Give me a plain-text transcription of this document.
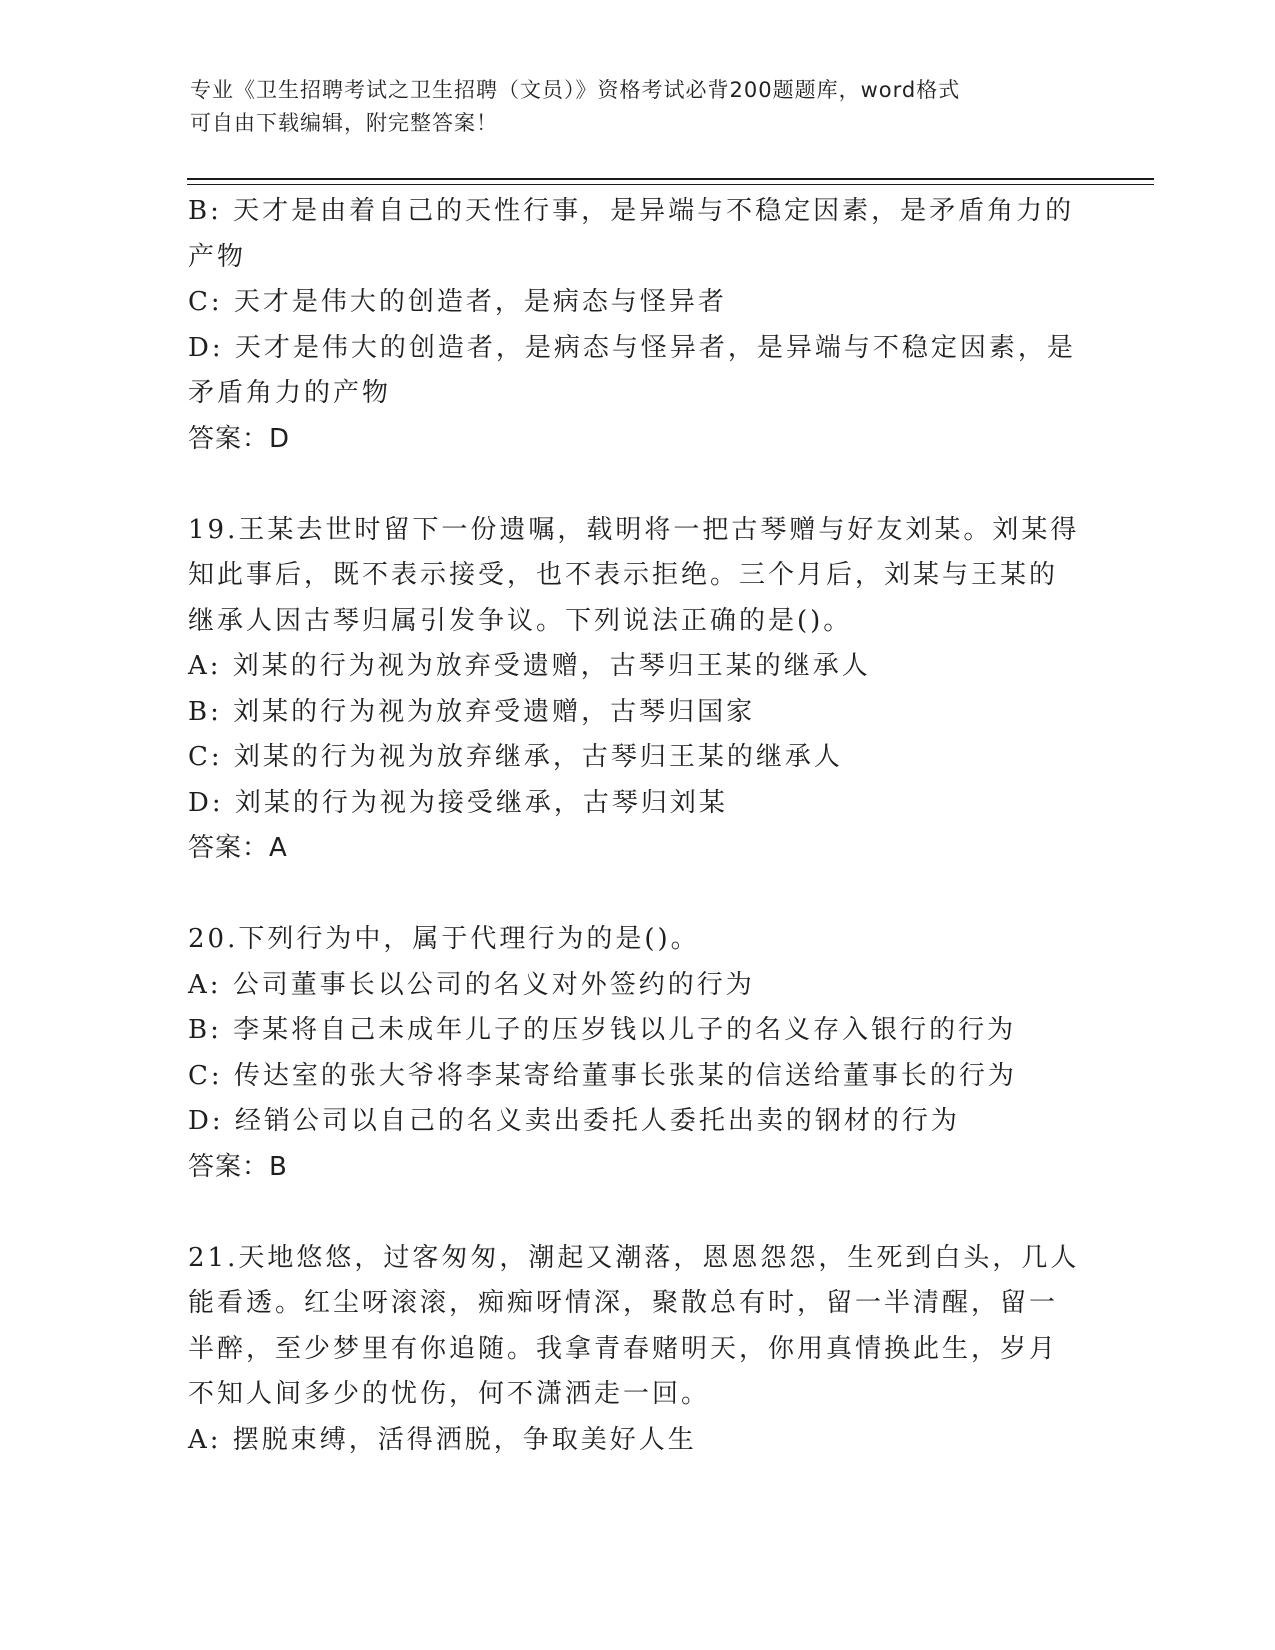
专业《卫生招聘考试之卫生招聘（文员）》资格考试必背200题题库，word格式
可自由下载编辑，附完整答案！
B: 天才是由着自己的天性行事，是异端与不稳定因素，是矛盾角力的
产物
C: 天才是伟大的创造者，是病态与怪异者
D: 天才是伟大的创造者，是病态与怪异者，是异端与不稳定因素，是
矛盾角力的产物
答案：D
19.王某去世时留下一份遗嘱，载明将一把古琴赠与好友刘某。刘某得
知此事后，既不表示接受，也不表示拒绝。三个月后，刘某与王某的
继承人因古琴归属引发争议。下列说法正确的是()。
A: 刘某的行为视为放弃受遗赠，古琴归王某的继承人
B: 刘某的行为视为放弃受遗赠，古琴归国家
C: 刘某的行为视为放弃继承，古琴归王某的继承人
D: 刘某的行为视为接受继承，古琴归刘某
答案：A
20.下列行为中，属于代理行为的是()。
A: 公司董事长以公司的名义对外签约的行为
B: 李某将自己未成年儿子的压岁钱以儿子的名义存入银行的行为
C: 传达室的张大爷将李某寄给董事长张某的信送给董事长的行为
D: 经销公司以自己的名义卖出委托人委托出卖的钢材的行为
答案：B
21.天地悠悠，过客匆匆，潮起又潮落，恩恩怨怨，生死到白头，几人
能看透。红尘呀滚滚，痴痴呀情深，聚散总有时，留一半清醒，留一
半醉，至少梦里有你追随。我拿青春赌明天，你用真情换此生，岁月
不知人间多少的忧伤，何不潇洒走一回。
A: 摆脱束缚，活得洒脱，争取美好人生
